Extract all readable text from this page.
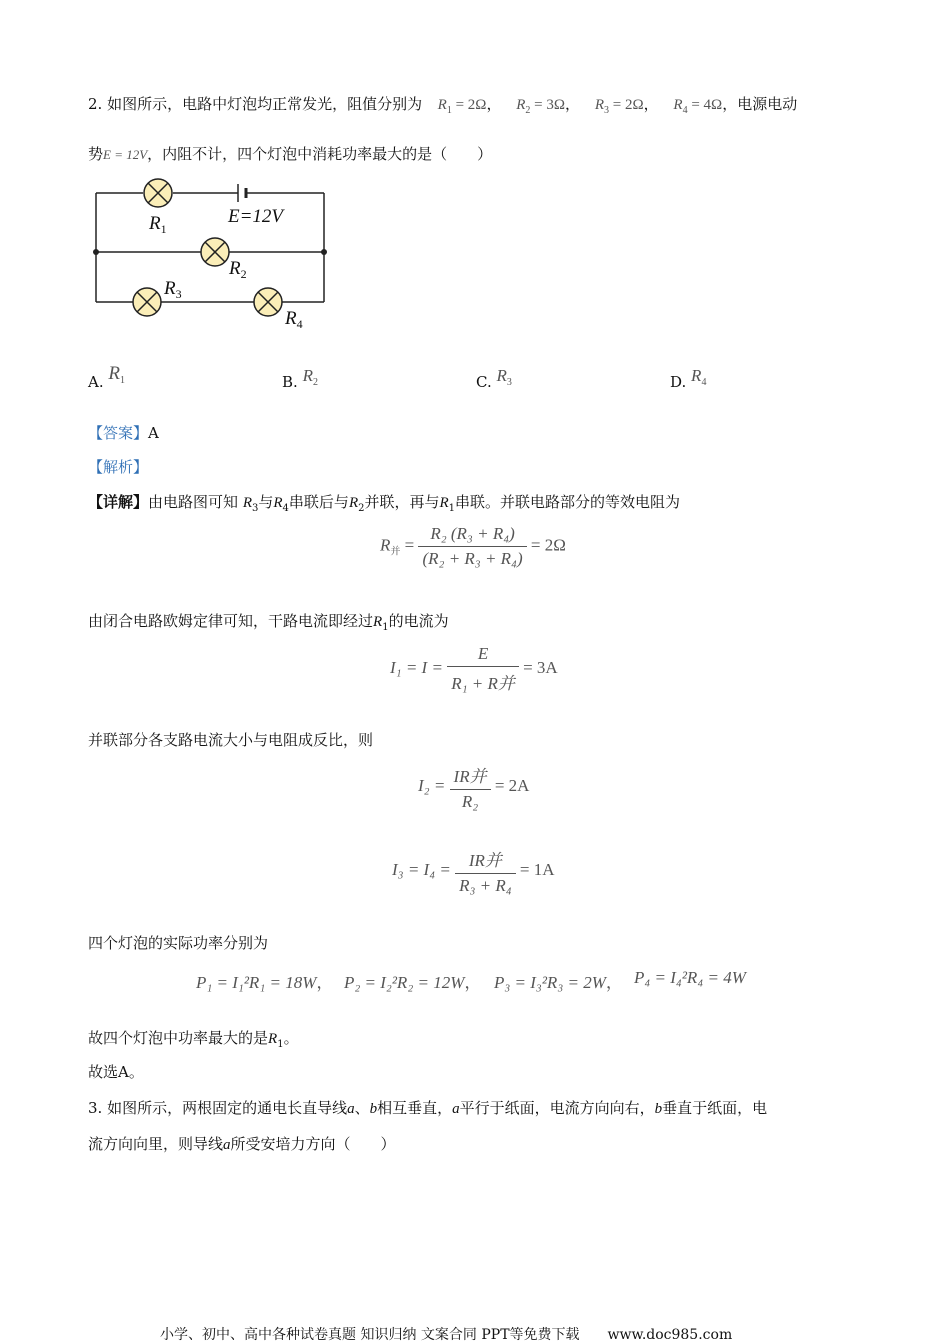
2. 如图所示，电路中灯泡均正常发光，阻值分别为 $R_1 = 2\Omega$， $R_2 = 3\Omega$， $R_3 = 2\Omega$， $R_4 = 4\Omega$，电源电动
势E = 12V，内阻不计，四个灯泡中消耗功率最大的是（　　）
$R_1$
E=12V
$R_2$
$R_3$
$R_4$
A. $R^1$	B. $R_2$	C. $R_3$	D. $R_4$
【答案】A
【解析】
【详解】由电路图可知 $R_3$与$R_4$串联后与$R_2$并联，再与$R_1$串联。并联电路部分的等效电阻为
$R_并 = \frac{\text{R₂ (R₃ + R₄)}}{\text{(R₂ + R₃ + R₄)}} = 2\Omega$
由闭合电路欧姆定律可知，干路电流即经过$R_1$的电流为
$I_1 = I = \frac{E}{\text{R₁ + R并}} = 3A$
并联部分各支路电流大小与电阻成反比，则
$I_2 = \frac{\text{IR并}}{\text{R₂}} = 2A$
$I_3 = I_4 = \frac{\text{IR并}}{\text{R₃ + R₄}} = 1A$
四个灯泡的实际功率分别为
P₁ = I₁²R₁ = 18W， P₂ = I₂²R₂ = 12W， P₃ = I₃²R₃ = 2W， P₄ = I₄²R₄ = 4W
故四个灯泡中功率最大的是$R_1$。
故选A。
3. 如图所示，两根固定的通电长直导线a、b相互垂直，a平行于纸面，电流方向向右，b垂直于纸面，电
流方向向里，则导线a所受安培力方向（　　）
小学、初中、高中各种试卷真题 知识归纳 文案合同 PPT等免费下载　　www.doc985.com
